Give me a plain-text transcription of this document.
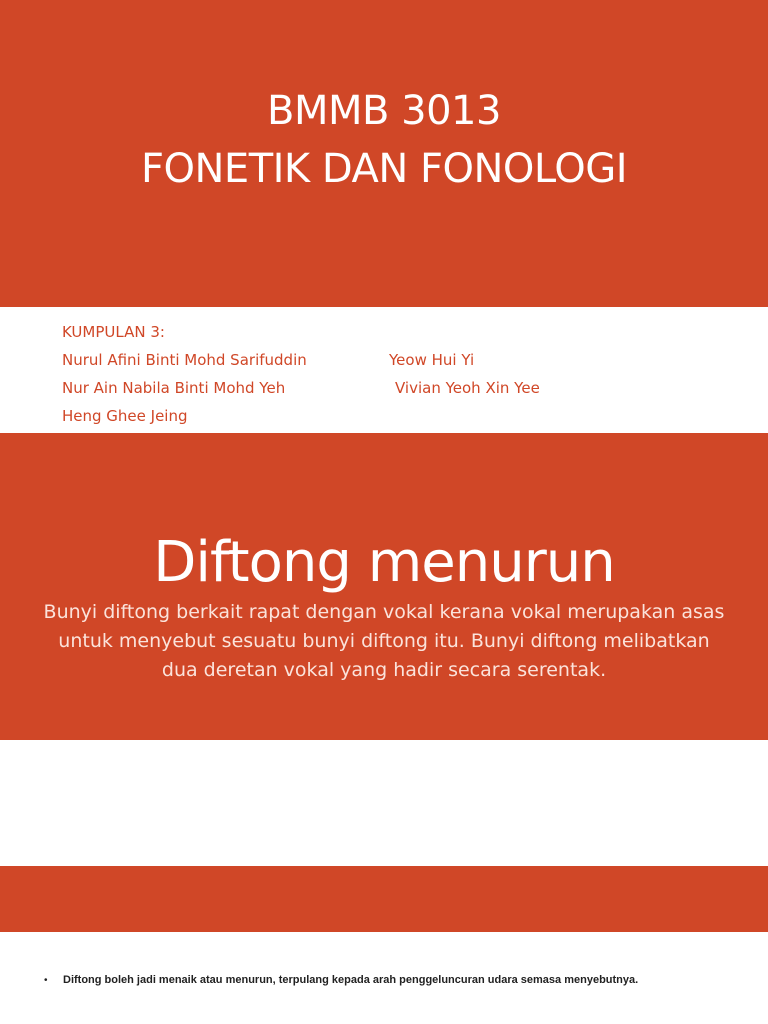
BMMB 3013
FONETIK DAN FONOLOGI
KUMPULAN 3:
Nurul Afini Binti Mohd Sarifuddin	Yeow Hui Yi
Nur Ain Nabila Binti Mohd Yeh	Vivian Yeoh Xin Yee
Heng Ghee Jeing
Diftong menurun
Bunyi diftong berkait rapat dengan vokal kerana vokal merupakan asas untuk menyebut sesuatu bunyi diftong itu. Bunyi diftong melibatkan dua deretan vokal yang hadir secara serentak.
•	Diftong boleh jadi menaik atau menurun, terpulang kepada arah penggeluncuran udara semasa menyebutnya.
